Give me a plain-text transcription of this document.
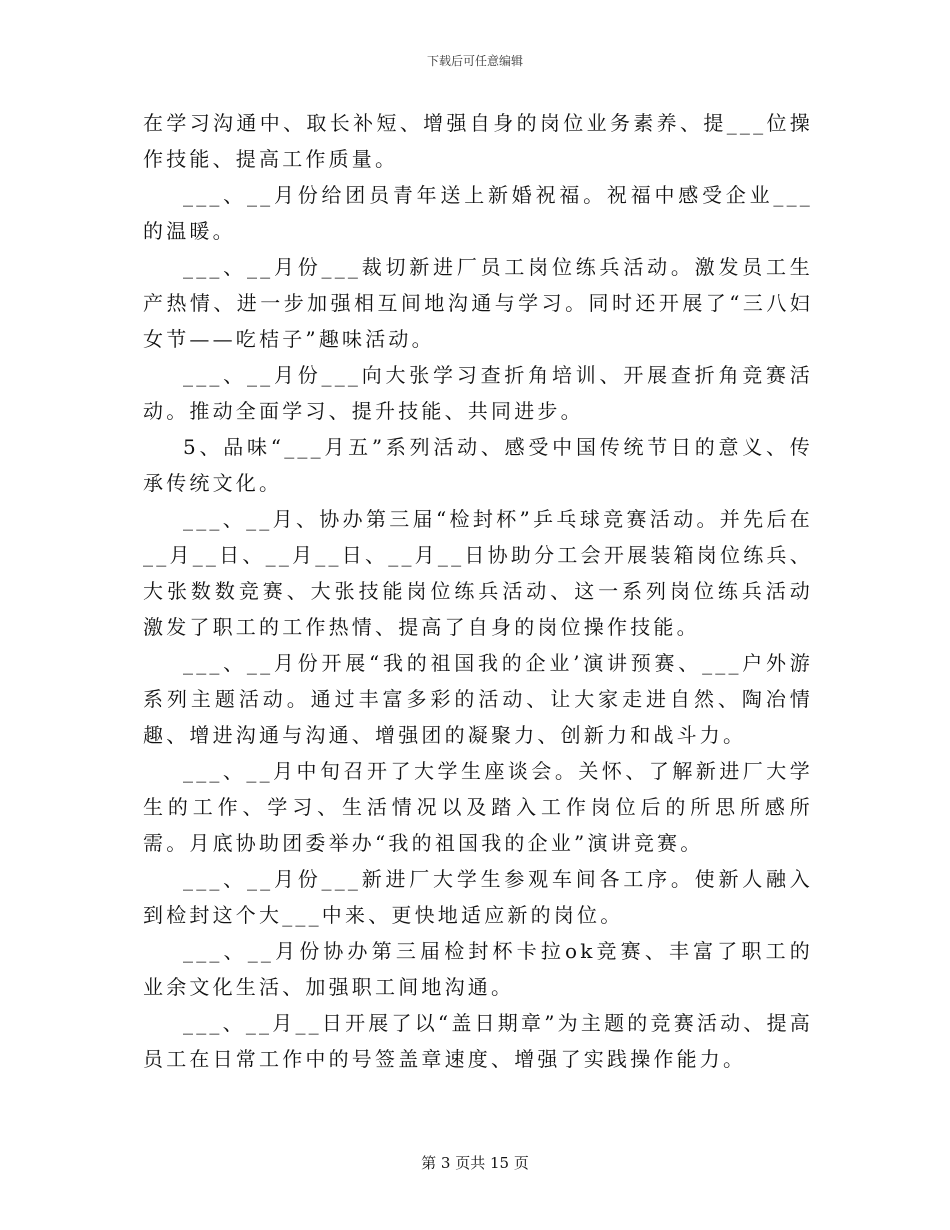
下载后可任意编辑

在学习沟通中、取长补短、增强自身的岗位业务素养、提___位操作技能、提高工作质量。

___、__月份给团员青年送上新婚祝福。祝福中感受企业___的温暖。

___、__月份___裁切新进厂员工岗位练兵活动。激发员工生产热情、进一步加强相互间地沟通与学习。同时还开展了“三八妇女节——吃桔子”趣味活动。

___、__月份___向大张学习查折角培训、开展查折角竞赛活动。推动全面学习、提升技能、共同进步。

5、品味“___月五”系列活动、感受中国传统节日的意义、传承传统文化。

___、__月、协办第三届“检封杯”乒乓球竞赛活动。并先后在__月__日、__月__日、__月__日协助分工会开展装箱岗位练兵、大张数数竞赛、大张技能岗位练兵活动、这一系列岗位练兵活动激发了职工的工作热情、提高了自身的岗位操作技能。

___、__月份开展“我的祖国我的企业’演讲预赛、___户外游系列主题活动。通过丰富多彩的活动、让大家走进自然、陶冶情趣、增进沟通与沟通、增强团的凝聚力、创新力和战斗力。

___、__月中旬召开了大学生座谈会。关怀、了解新进厂大学生的工作、学习、生活情况以及踏入工作岗位后的所思所感所需。月底协助团委举办“我的祖国我的企业”演讲竞赛。

___、__月份___新进厂大学生参观车间各工序。使新人融入到检封这个大___中来、更快地适应新的岗位。

___、__月份协办第三届检封杯卡拉ok竞赛、丰富了职工的业余文化生活、加强职工间地沟通。

___、__月__日开展了以“盖日期章”为主题的竞赛活动、提高员工在日常工作中的号签盖章速度、增强了实践操作能力。

第 3 页共 15 页
